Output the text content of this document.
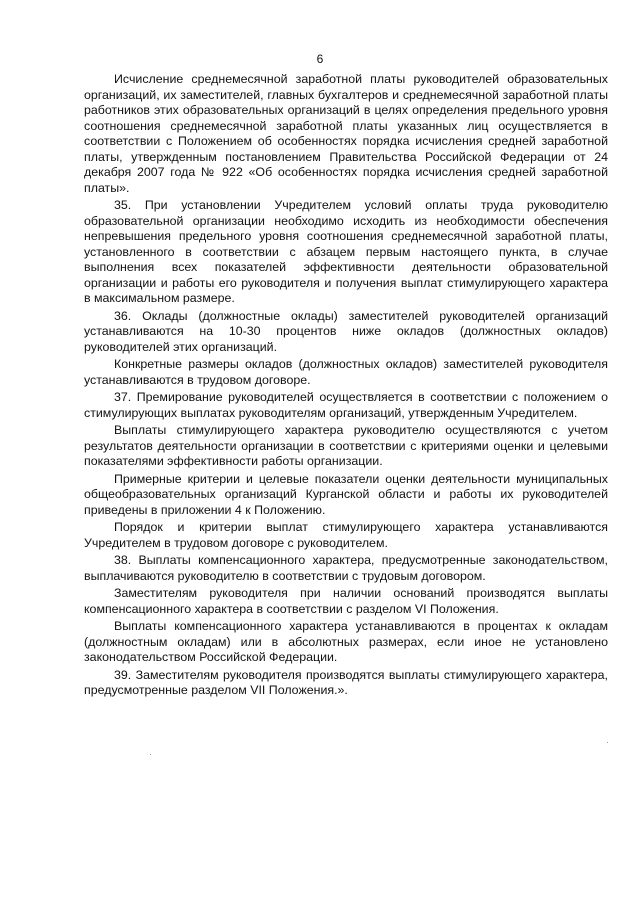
6

Исчисление среднемесячной заработной платы руководителей образовательных организаций, их заместителей, главных бухгалтеров и среднемесячной заработной платы работников этих образовательных организаций в целях определения предельного уровня соотношения среднемесячной заработной платы указанных лиц осуществляется в соответствии с Положением об особенностях порядка исчисления средней заработной платы, утвержденным постановлением Правительства Российской Федерации от 24 декабря 2007 года № 922 «Об особенностях порядка исчисления средней заработной платы».

35. При установлении Учредителем условий оплаты труда руководителю образовательной организации необходимо исходить из необходимости обеспечения непревышения предельного уровня соотношения среднемесячной заработной платы, установленного в соответствии с абзацем первым настоящего пункта, в случае выполнения всех показателей эффективности деятельности образовательной организации и работы его руководителя и получения выплат стимулирующего характера в максимальном размере.

36. Оклады (должностные оклады) заместителей руководителей организаций устанавливаются на 10-30 процентов ниже окладов (должностных окладов) руководителей этих организаций.

Конкретные размеры окладов (должностных окладов) заместителей руководителя устанавливаются в трудовом договоре.

37. Премирование руководителей осуществляется в соответствии с положением о стимулирующих выплатах руководителям организаций, утвержденным Учредителем.

Выплаты стимулирующего характера руководителю осуществляются с учетом результатов деятельности организации в соответствии с критериями оценки и целевыми показателями эффективности работы организации.

Примерные критерии и целевые показатели оценки деятельности муниципальных общеобразовательных организаций Курганской области и работы их руководителей приведены в приложении 4 к Положению.

Порядок и критерии выплат стимулирующего характера устанавливаются Учредителем в трудовом договоре с руководителем.

38. Выплаты компенсационного характера, предусмотренные законодательством, выплачиваются руководителю в соответствии с трудовым договором.

Заместителям руководителя при наличии оснований производятся выплаты компенсационного характера в соответствии с разделом VI Положения.

Выплаты компенсационного характера устанавливаются в процентах к окладам (должностным окладам) или в абсолютных размерах, если иное не установлено законодательством Российской Федерации.

39. Заместителям руководителя производятся выплаты стимулирующего характера, предусмотренные разделом VII Положения.».
